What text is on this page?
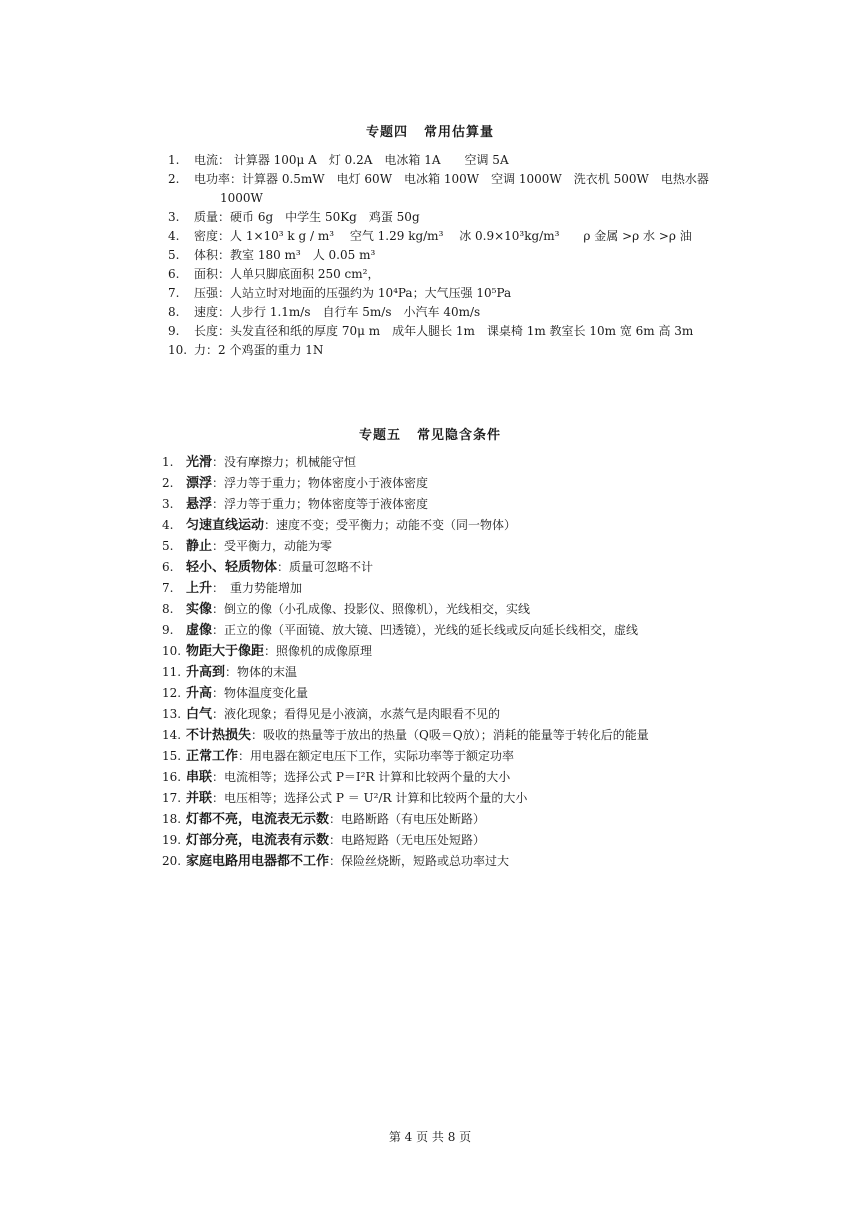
专题四 常用估算量
1. 电流： 计算器 100μ A　灯 0.2A　电冰箱 1A　　空调 5A
2. 电功率：计算器 0.5mW　电灯 60W　电冰箱 100W　空调 1000W　洗衣机 500W　电热水器
1000W
3. 质量：硬币 6g　中学生 50Kg　鸡蛋 50g
4. 密度：人 1×10³ k g / m³　 空气 1.29 kg/m³　 冰 0.9×10³kg/m³　　ρ 金属 >ρ 水 >ρ 油
5. 体积：教室 180 m³　人 0.05 m³
6. 面积：人单只脚底面积 250 cm²，
7. 压强：人站立时对地面的压强约为 10⁴Pa；大气压强 10⁵Pa
8. 速度：人步行 1.1m/s　自行车 5m/s　小汽车 40m/s
9. 长度：头发直径和纸的厚度 70μ m　成年人腿长 1m　课桌椅 1m 教室长 10m 宽 6m 高 3m
10. 力：2 个鸡蛋的重力 1N
专题五 常见隐含条件
1. 光滑：没有摩擦力；机械能守恒
2. 漂浮：浮力等于重力；物体密度小于液体密度
3. 悬浮：浮力等于重力；物体密度等于液体密度
4. 匀速直线运动：速度不变；受平衡力；动能不变（同一物体）
5. 静止：受平衡力，动能为零
6. 轻小、轻质物体：质量可忽略不计
7. 上升：　重力势能增加
8. 实像：倒立的像（小孔成像、投影仪、照像机），光线相交，实线
9. 虚像：正立的像（平面镜、放大镜、凹透镜），光线的延长线或反向延长线相交，虚线
10. 物距大于像距：照像机的成像原理
11. 升高到：物体的末温
12. 升高：物体温度变化量
13. 白气：液化现象；看得见是小液滴，水蒸气是肉眼看不见的
14. 不计热损失：吸收的热量等于放出的热量（Q吸＝Q放）；消耗的能量等于转化后的能量
15. 正常工作：用电器在额定电压下工作，实际功率等于额定功率
16. 串联：电流相等；选择公式 P＝I²R 计算和比较两个量的大小
17. 并联：电压相等；选择公式 P ＝ U²/R 计算和比较两个量的大小
18. 灯都不亮，电流表无示数：电路断路（有电压处断路）
19. 灯部分亮，电流表有示数：电路短路（无电压处短路）
20. 家庭电路用电器都不工作：保险丝烧断，短路或总功率过大
第 4 页 共 8 页
